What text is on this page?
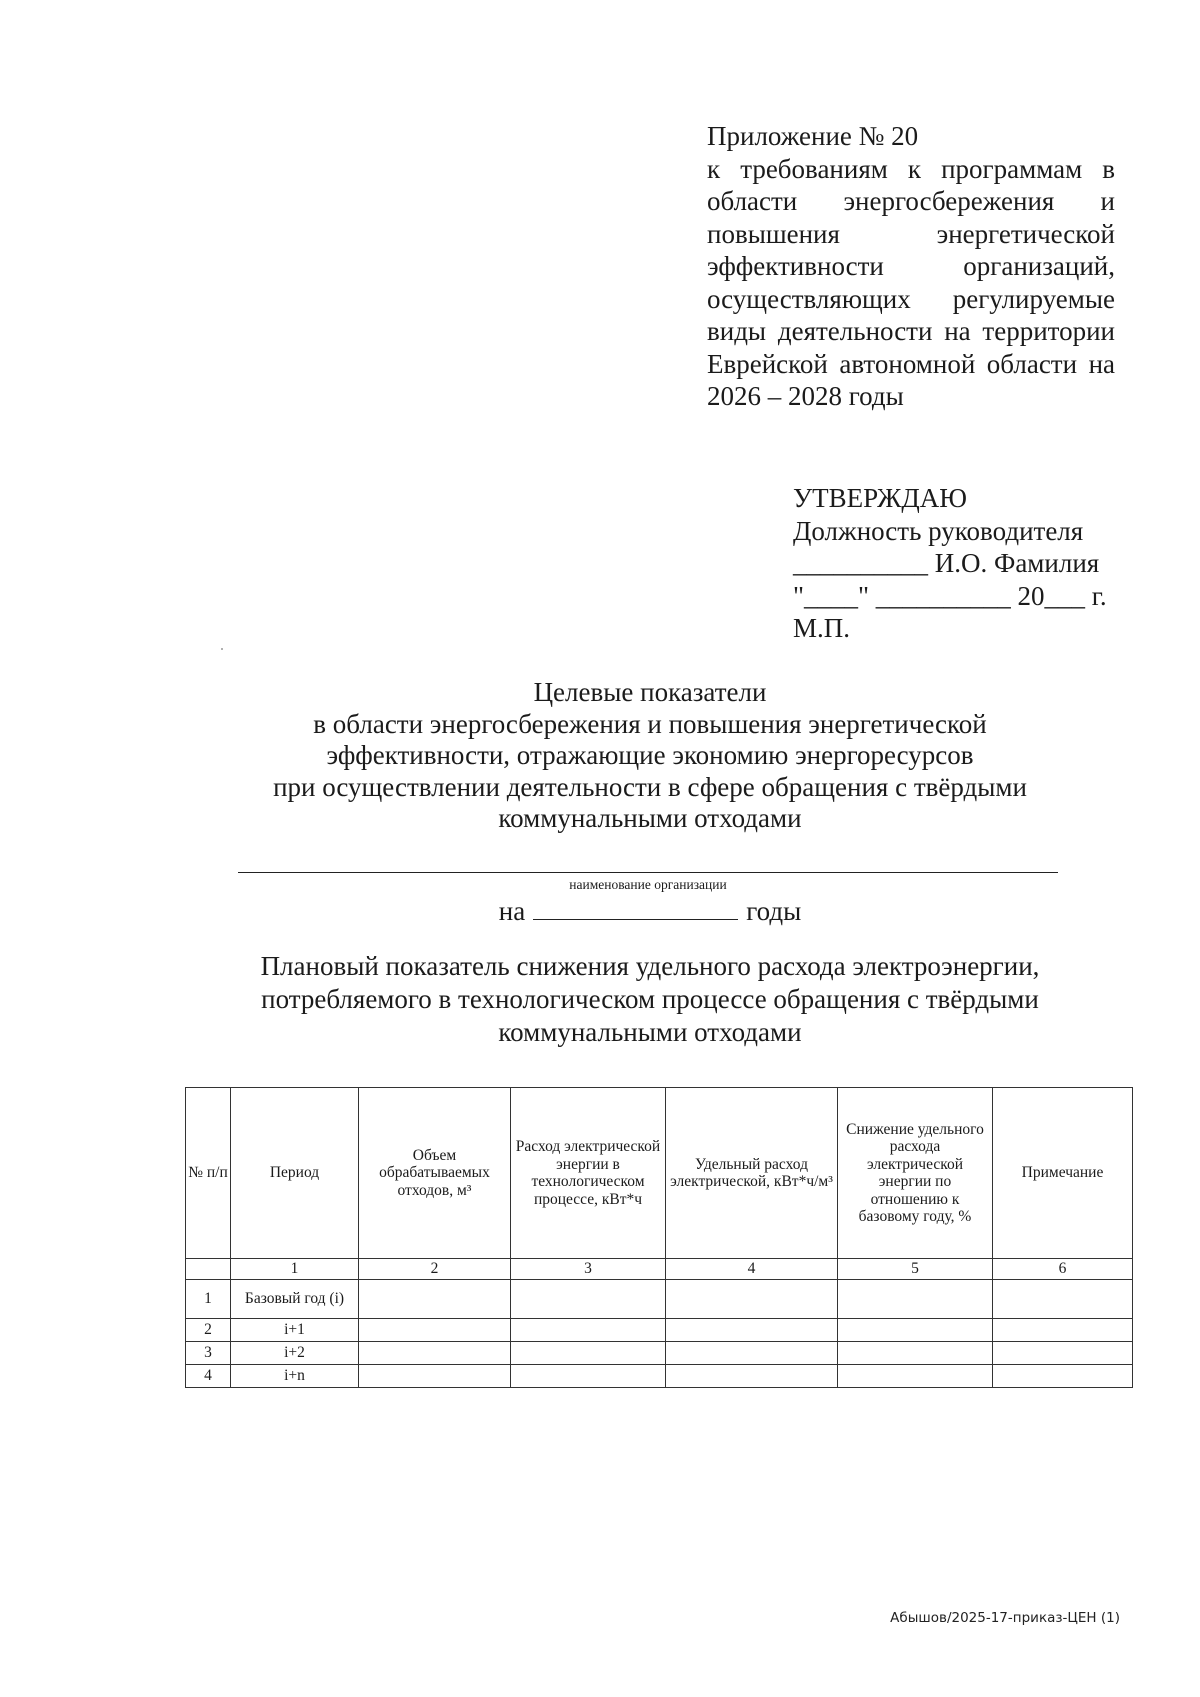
Приложение № 20
к требованиям к программам в области энергосбережения и повышения энергетической эффективности организаций, осуществляющих регулируемые виды деятельности на территории Еврейской автономной области на 2026 – 2028 годы
УТВЕРЖДАЮ
Должность руководителя
__________ И.О. Фамилия
"____" __________ 20___ г.
М.П.
Целевые показатели
в области энергосбережения и повышения энергетической
эффективности, отражающие экономию энергоресурсов
при осуществлении деятельности в сфере обращения с твёрдыми
коммунальными отходами
наименование организации
на	годы
Плановый показатель снижения удельного расхода электроэнергии,
потребляемого в технологическом процессе обращения с твёрдыми
коммунальными отходами
№ п/п	Период	Объем обрабатываемых отходов, м³	Расход электрической энергии в технологическом процессе, кВт*ч	Удельный расход электрической, кВт*ч/м³	Снижение удельного расхода электрической энергии по отношению к базовому году, %	Примечание
	1	2	3	4	5	6
1	Базовый год (i)					
2	i+1					
3	i+2					
4	i+n					
Абышов/2025-17-приказ-ЦЕН (1)
